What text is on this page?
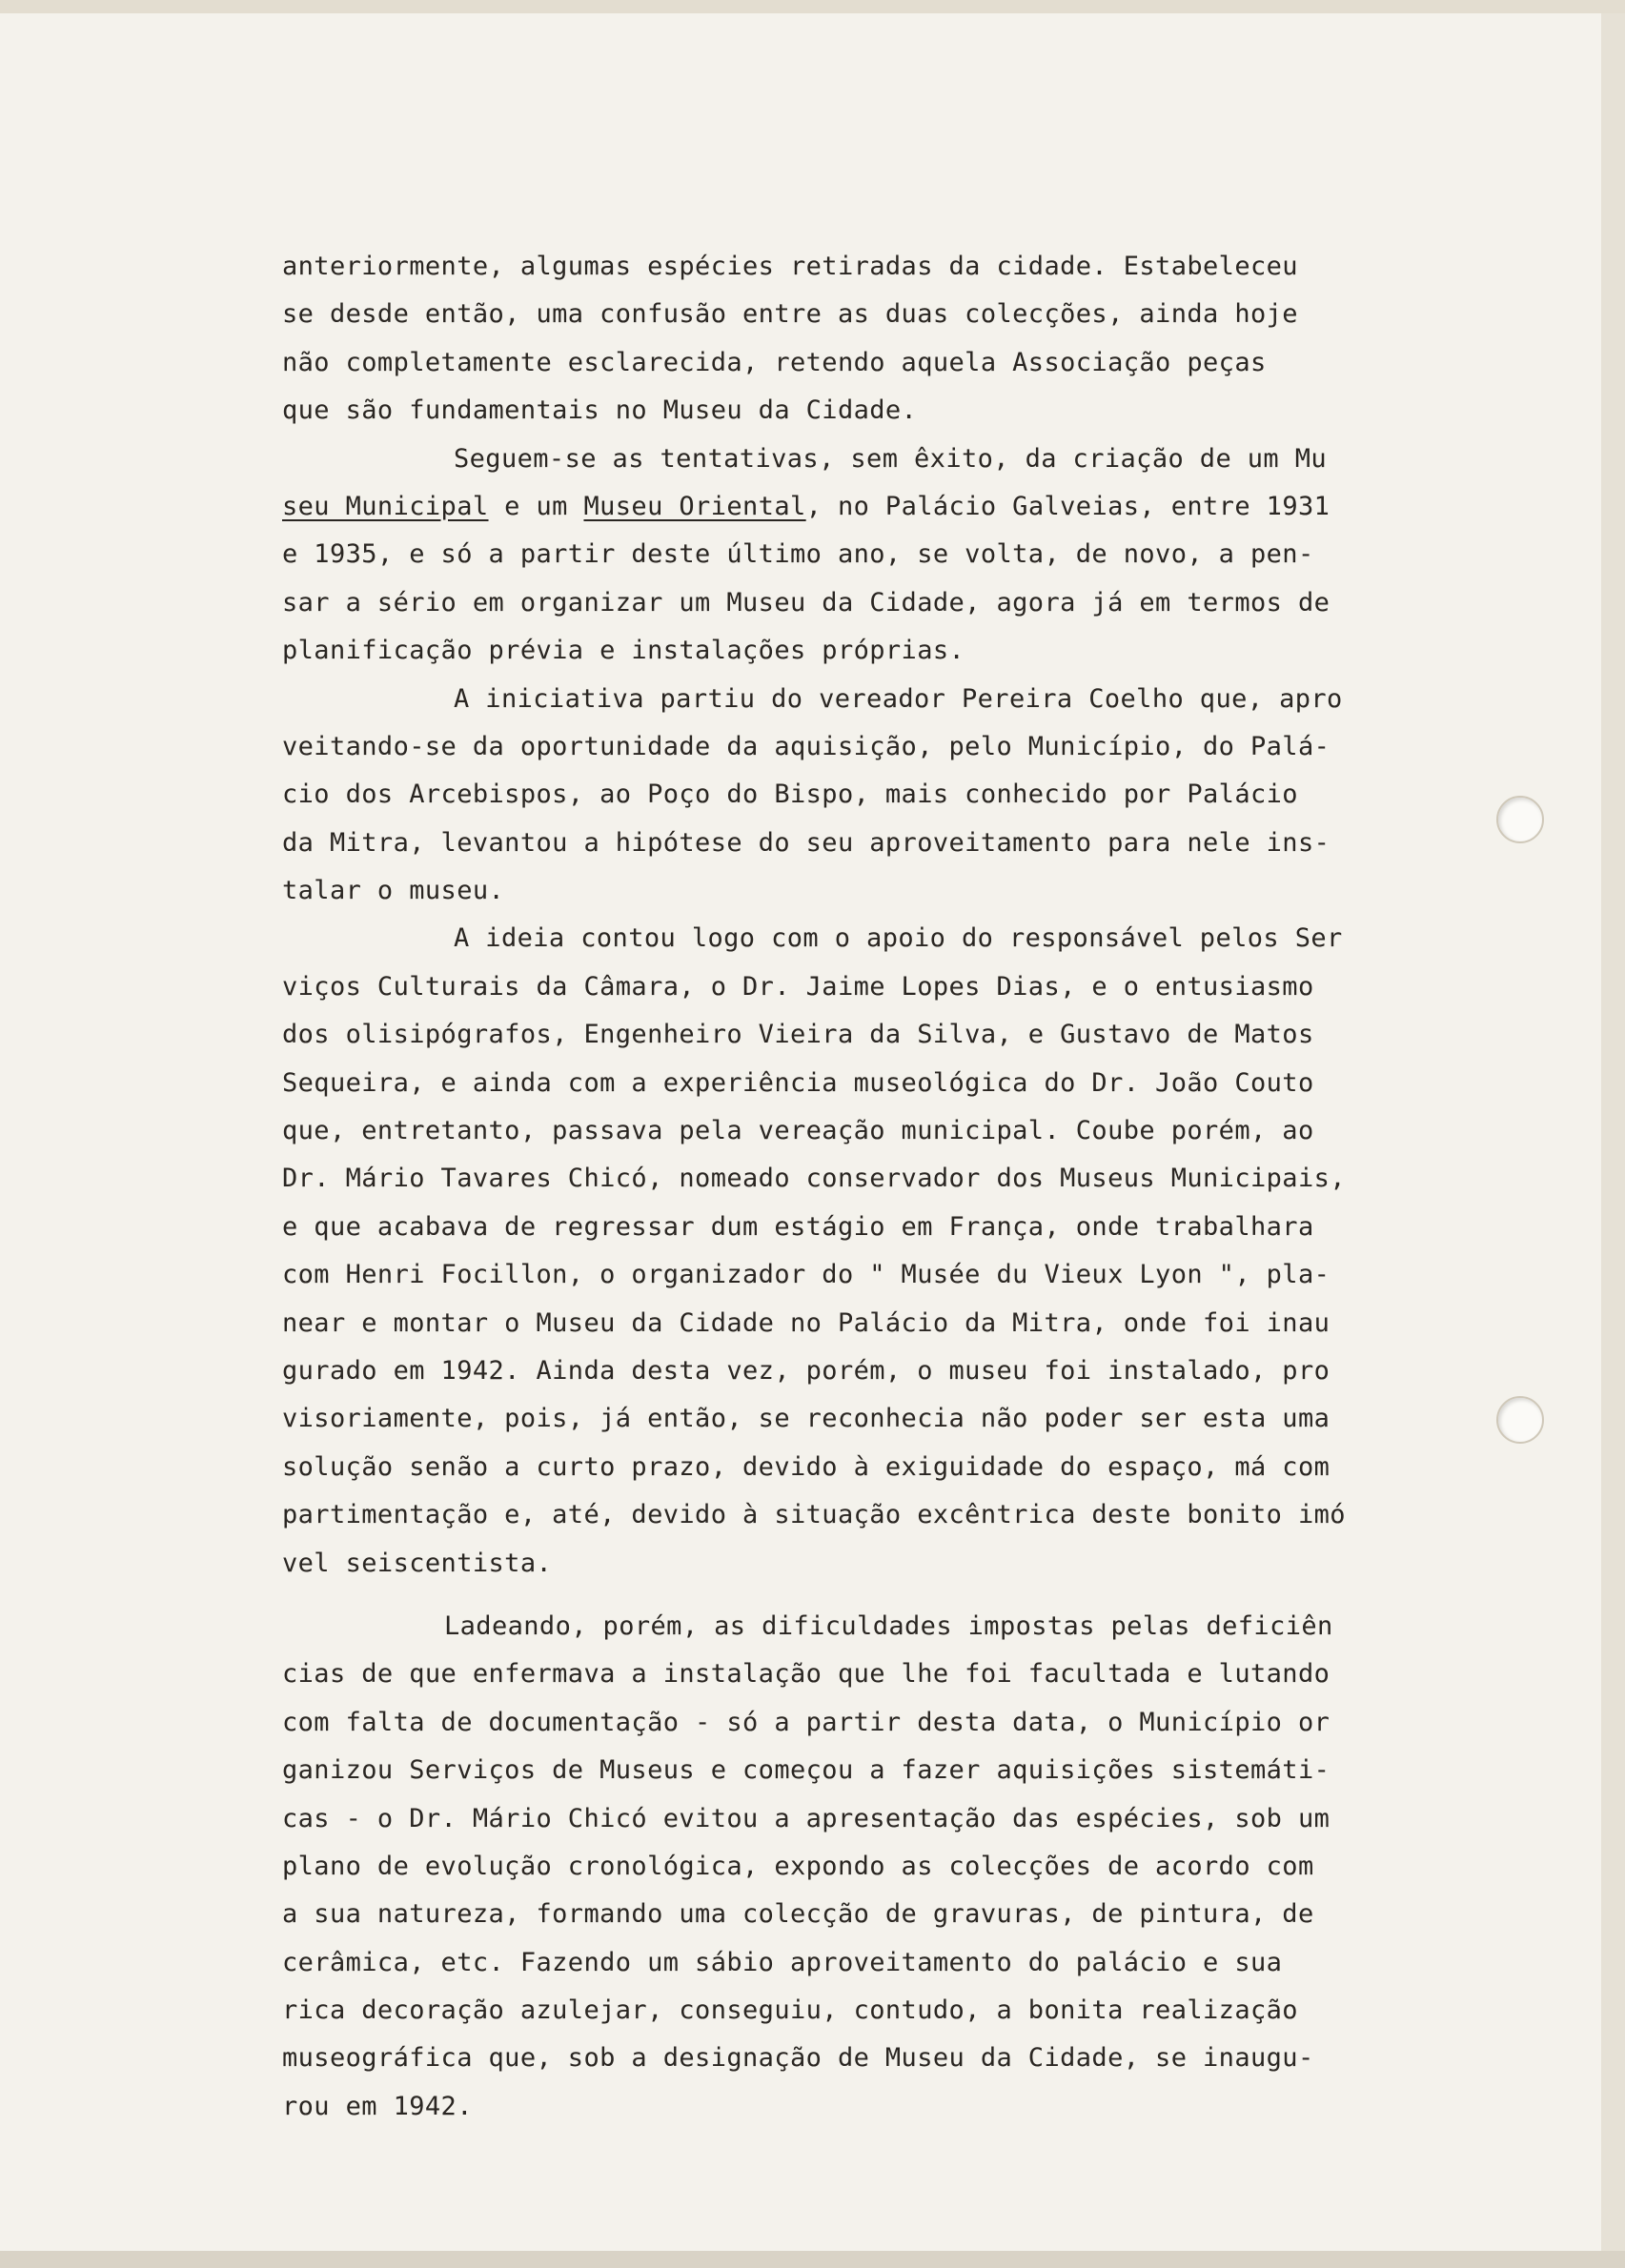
anteriormente, algumas espécies retiradas da cidade. Estabeleceu
se desde então, uma confusão entre as duas colecções, ainda hoje
não completamente esclarecida, retendo aquela Associação peças
que são fundamentais no Museu da Cidade.
Seguem-se as tentativas, sem êxito, da criação de um Mu
seu Municipal e um Museu Oriental, no Palácio Galveias, entre 1931
e 1935, e só a partir deste último ano, se volta, de novo, a pen-
sar a sério em organizar um Museu da Cidade, agora já em termos de
planificação prévia e instalações próprias.
A iniciativa partiu do vereador Pereira Coelho que, apro
veitando-se da oportunidade da aquisição, pelo Município, do Palá-
cio dos Arcebispos, ao Poço do Bispo, mais conhecido por Palácio
da Mitra, levantou a hipótese do seu aproveitamento para nele ins-
talar o museu.
A ideia contou logo com o apoio do responsável pelos Ser
viços Culturais da Câmara, o Dr. Jaime Lopes Dias, e o entusiasmo
dos olisipógrafos, Engenheiro Vieira da Silva, e Gustavo de Matos
Sequeira, e ainda com a experiência museológica do Dr. João Couto
que, entretanto, passava pela vereação municipal. Coube porém, ao
Dr. Mário Tavares Chicó, nomeado conservador dos Museus Municipais,
e que acabava de regressar dum estágio em França, onde trabalhara
com Henri Focillon, o organizador do " Musée du Vieux Lyon ", pla-
near e montar o Museu da Cidade no Palácio da Mitra, onde foi inau
gurado em 1942. Ainda desta vez, porém, o museu foi instalado, pro
visoriamente, pois, já então, se reconhecia não poder ser esta uma
solução senão a curto prazo, devido à exiguidade do espaço, má com
partimentação e, até, devido à situação excêntrica deste bonito imó
vel seiscentista.
Ladeando, porém, as dificuldades impostas pelas deficiên
cias de que enfermava a instalação que lhe foi facultada e lutando
com falta de documentação - só a partir desta data, o Município or
ganizou Serviços de Museus e começou a fazer aquisições sistemáti-
cas - o Dr. Mário Chicó evitou a apresentação das espécies, sob um
plano de evolução cronológica, expondo as colecções de acordo com
a sua natureza, formando uma colecção de gravuras, de pintura, de
cerâmica, etc. Fazendo um sábio aproveitamento do palácio e sua
rica decoração azulejar, conseguiu, contudo, a bonita realização
museográfica que, sob a designação de Museu da Cidade, se inaugu-
rou em 1942.
